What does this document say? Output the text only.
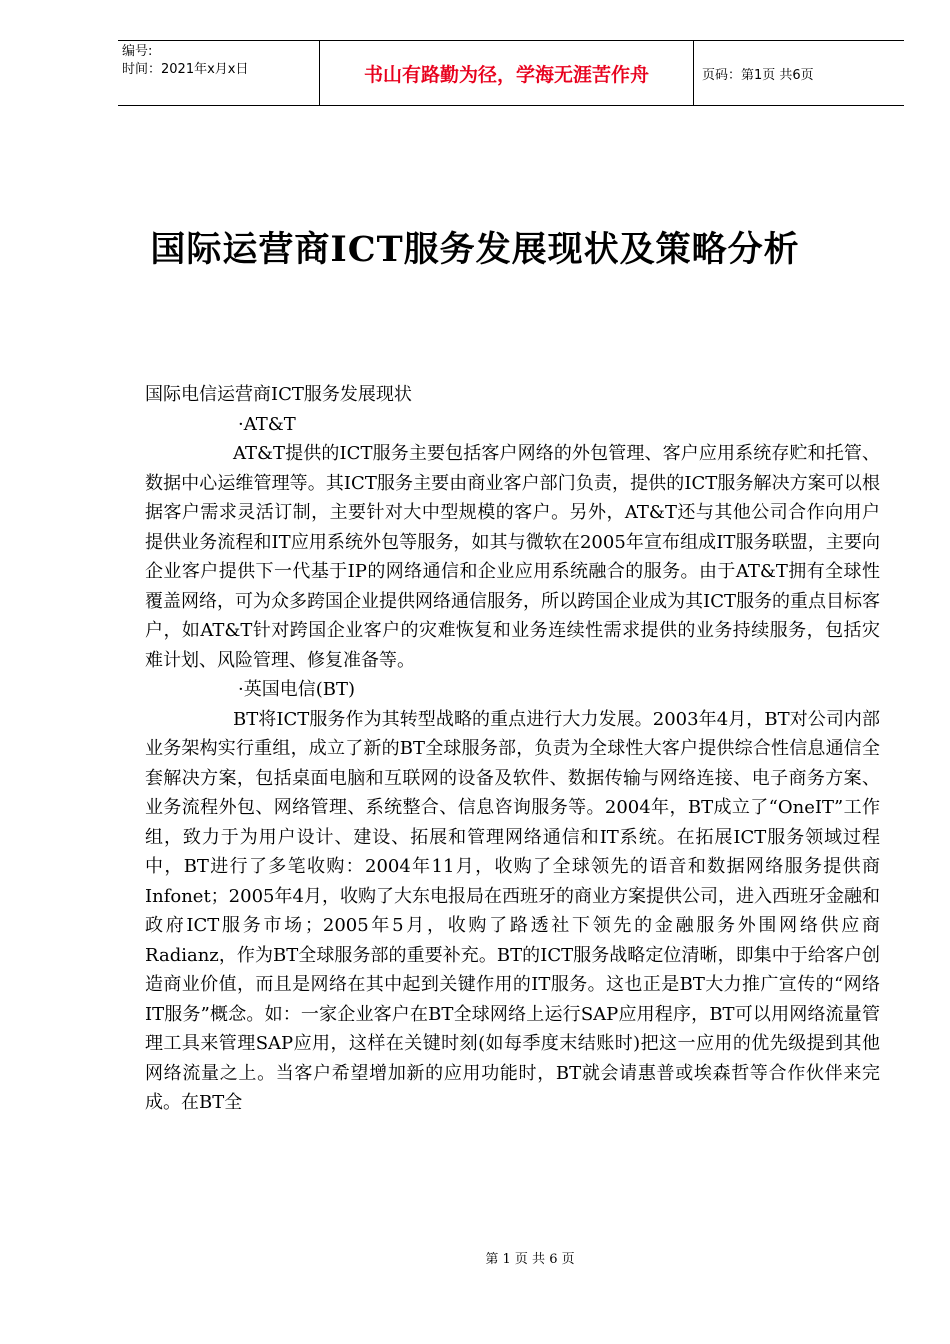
编号:
时间：2021年x月x日	书山有路勤为径，学海无涯苦作舟	页码：第1页 共6页
国际运营商ICT服务发展现状及策略分析

国际电信运营商ICT服务发展现状

·AT&T

AT&T提供的ICT服务主要包括客户网络的外包管理、客户应用系统存贮和托管、数据中心运维管理等。其ICT服务主要由商业客户部门负责，提供的ICT服务解决方案可以根据客户需求灵活订制，主要针对大中型规模的客户。另外，AT&T还与其他公司合作向用户提供业务流程和IT应用系统外包等服务，如其与微软在2005年宣布组成IT服务联盟，主要向企业客户提供下一代基于IP的网络通信和企业应用系统融合的服务。由于AT&T拥有全球性覆盖网络，可为众多跨国企业提供网络通信服务，所以跨国企业成为其ICT服务的重点目标客户，如AT&T针对跨国企业客户的灾难恢复和业务连续性需求提供的业务持续服务，包括灾难计划、风险管理、修复准备等。

·英国电信(BT)

BT将ICT服务作为其转型战略的重点进行大力发展。2003年4月，BT对公司内部业务架构实行重组，成立了新的BT全球服务部，负责为全球性大客户提供综合性信息通信全套解决方案，包括桌面电脑和互联网的设备及软件、数据传输与网络连接、电子商务方案、业务流程外包、网络管理、系统整合、信息咨询服务等。2004年，BT成立了“OneIT”工作组，致力于为用户设计、建设、拓展和管理网络通信和IT系统。在拓展ICT服务领域过程中，BT进行了多笔收购：2004年11月，收购了全球领先的语音和数据网络服务提供商Infonet；2005年4月，收购了大东电报局在西班牙的商业方案提供公司，进入西班牙金融和政府ICT服务市场；2005年5月，收购了路透社下领先的金融服务外围网络供应商Radianz，作为BT全球服务部的重要补充。BT的ICT服务战略定位清晰，即集中于给客户创造商业价值，而且是网络在其中起到关键作用的IT服务。这也正是BT大力推广宣传的“网络IT服务”概念。如：一家企业客户在BT全球网络上运行SAP应用程序，BT可以用网络流量管理工具来管理SAP应用，这样在关键时刻(如每季度末结账时)把这一应用的优先级提到其他网络流量之上。当客户希望增加新的应用功能时，BT就会请惠普或埃森哲等合作伙伴来完成。在BT全

第 1 页 共 6 页
